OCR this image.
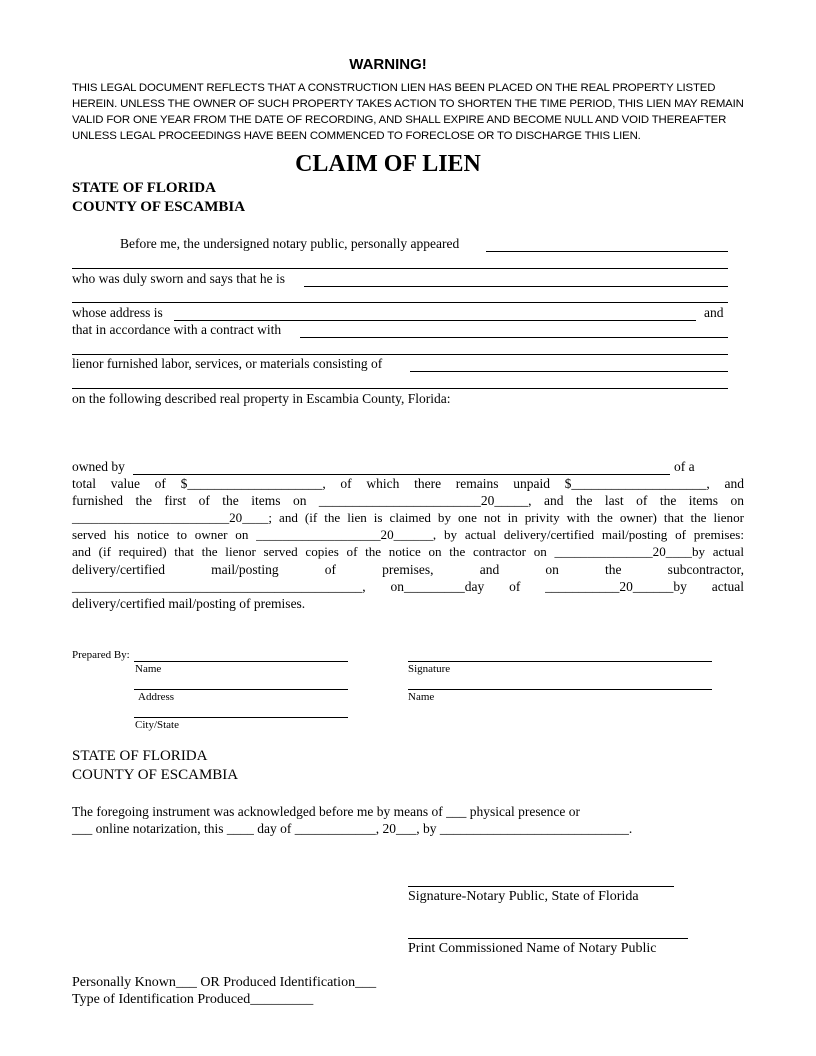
WARNING!
THIS LEGAL DOCUMENT REFLECTS THAT A CONSTRUCTION LIEN HAS BEEN PLACED ON THE REAL PROPERTY LISTED
HEREIN. UNLESS THE OWNER OF SUCH PROPERTY TAKES ACTION TO SHORTEN THE TIME PERIOD, THIS LIEN MAY REMAIN
VALID FOR ONE YEAR FROM THE DATE OF RECORDING, AND SHALL EXPIRE AND BECOME NULL AND VOID THEREAFTER
UNLESS LEGAL PROCEEDINGS HAVE BEEN COMMENCED TO FORECLOSE OR TO DISCHARGE THIS LIEN.
CLAIM OF LIEN
STATE OF FLORIDA
COUNTY OF ESCAMBIA
Before me, the undersigned notary public, personally appeared
who was duly sworn and says that he is
whose address is	and
that in accordance with a contract with
lienor furnished labor, services, or materials consisting of
on the following described real property in Escambia County, Florida:
owned by	of a
total value of $____________________, of which there remains unpaid $____________________, and
furnished the first of the items on ________________________20_____, and the last of the items on
________________________20____; and (if the lien is claimed by one not in privity with the owner) that the lienor
served his notice to owner on ___________________20______, by actual delivery/certified mail/posting of premises:
and (if required) that the lienor served copies of the notice on the contractor on _______________20____by actual
delivery/certified mail/posting of premises, and on the subcontractor,
___________________________________________, on_________day of ___________20______by actual
delivery/certified mail/posting of premises.
Prepared By:
Name
Address
City/State
Signature
Name
STATE OF FLORIDA
COUNTY OF ESCAMBIA
The foregoing instrument was acknowledged before me by means of ___ physical presence or
___ online notarization, this ____ day of ____________, 20___, by ____________________________.
Signature-Notary Public, State of Florida
Print Commissioned Name of Notary Public
Personally Known___ OR Produced Identification___
Type of Identification Produced_________
